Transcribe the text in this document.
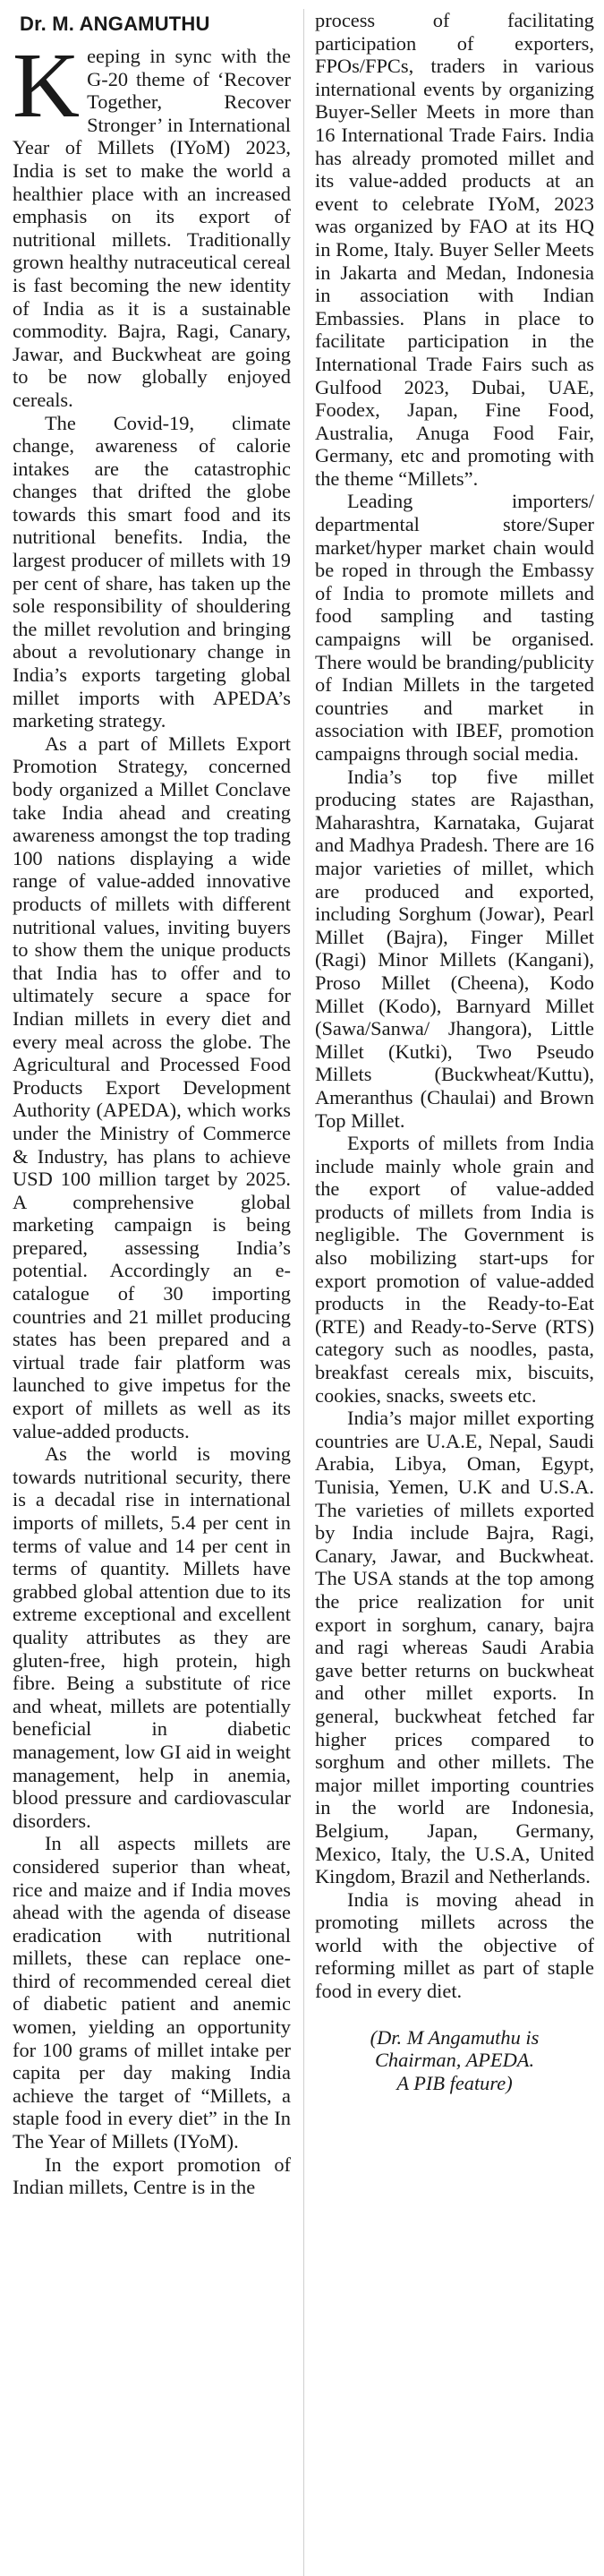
Dr. M. ANGAMUTHU

Keeping in sync with the G-20 theme of ‘Recover Together, Recover Stronger’ in International Year of Millets (IYoM) 2023, India is set to make the world a healthier place with an increased emphasis on its export of nutritional millets. Traditionally grown healthy nutraceutical cereal is fast becoming the new identity of India as it is a sustainable commodity. Bajra, Ragi, Canary, Jawar, and Buckwheat are going to be now globally enjoyed cereals.

The Covid-19, climate change, awareness of calorie intakes are the catastrophic changes that drifted the globe towards this smart food and its nutritional benefits. India, the largest producer of millets with 19 per cent of share, has taken up the sole responsibility of shouldering the millet revolution and bringing about a revolutionary change in India’s exports targeting global millet imports with APEDA’s marketing strategy.

As a part of Millets Export Promotion Strategy, concerned body organized a Millet Conclave take India ahead and creating awareness amongst the top trading 100 nations displaying a wide range of value-added innovative products of millets with different nutritional values, inviting buyers to show them the unique products that India has to offer and to ultimately secure a space for Indian millets in every diet and every meal across the globe. The Agricultural and Processed Food Products Export Development Authority (APEDA), which works under the Ministry of Commerce & Industry, has plans to achieve USD 100 million target by 2025. A comprehensive global marketing campaign is being prepared, assessing India’s potential. Accordingly an e-catalogue of 30 importing countries and 21 millet producing states has been prepared and a virtual trade fair platform was launched to give impetus for the export of millets as well as its value-added products.

As the world is moving towards nutritional security, there is a decadal rise in international imports of millets, 5.4 per cent in terms of value and 14 per cent in terms of quantity. Millets have grabbed global attention due to its extreme exceptional and excellent quality attributes as they are gluten-free, high protein, high fibre. Being a substitute of rice and wheat, millets are potentially beneficial in diabetic management, low GI aid in weight management, help in anemia, blood pressure and cardiovascular disorders.

In all aspects millets are considered superior than wheat, rice and maize and if India moves ahead with the agenda of disease eradication with nutritional millets, these can replace one-third of recommended cereal diet of diabetic patient and anemic women, yielding an opportunity for 100 grams of millet intake per capita per day making India achieve the target of “Millets, a staple food in every diet” in the In The Year of Millets (IYoM).

In the export promotion of Indian millets, Centre is in the

process of facilitating participation of exporters, FPOs/FPCs, traders in various international events by organizing Buyer-Seller Meets in more than 16 International Trade Fairs. India has already promoted millet and its value-added products at an event to celebrate IYoM, 2023 was organized by FAO at its HQ in Rome, Italy. Buyer Seller Meets in Jakarta and Medan, Indonesia in association with Indian Embassies. Plans in place to facilitate participation in the International Trade Fairs such as Gulfood 2023, Dubai, UAE, Foodex, Japan, Fine Food, Australia, Anuga Food Fair, Germany, etc and promoting with the theme “Millets”.

Leading importers/ departmental store/Super market/hyper market chain would be roped in through the Embassy of India to promote millets and food sampling and tasting campaigns will be organised. There would be branding/publicity of Indian Millets in the targeted countries and market in association with IBEF, promotion campaigns through social media.

India’s top five millet producing states are Rajasthan, Maharashtra, Karnataka, Gujarat and Madhya Pradesh. There are 16 major varieties of millet, which are produced and exported, including Sorghum (Jowar), Pearl Millet (Bajra), Finger Millet (Ragi) Minor Millets (Kangani), Proso Millet (Cheena), Kodo Millet (Kodo), Barnyard Millet (Sawa/Sanwa/ Jhangora), Little Millet (Kutki), Two Pseudo Millets (Buckwheat/Kuttu), Ameranthus (Chaulai) and Brown Top Millet.

Exports of millets from India include mainly whole grain and the export of value-added products of millets from India is negligible. The Government is also mobilizing start-ups for export promotion of value-added products in the Ready-to-Eat (RTE) and Ready-to-Serve (RTS) category such as noodles, pasta, breakfast cereals mix, biscuits, cookies, snacks, sweets etc.

India’s major millet exporting countries are U.A.E, Nepal, Saudi Arabia, Libya, Oman, Egypt, Tunisia, Yemen, U.K and U.S.A. The varieties of millets exported by India include Bajra, Ragi, Canary, Jawar, and Buckwheat. The USA stands at the top among the price realization for unit export in sorghum, canary, bajra and ragi whereas Saudi Arabia gave better returns on buckwheat and other millet exports. In general, buckwheat fetched far higher prices compared to sorghum and other millets. The major millet importing countries in the world are Indonesia, Belgium, Japan, Germany, Mexico, Italy, the U.S.A, United Kingdom, Brazil and Netherlands.

India is moving ahead in promoting millets across the world with the objective of reforming millet as part of staple food in every diet.

(Dr. M Angamuthu is
Chairman, APEDA.
A PIB feature)
